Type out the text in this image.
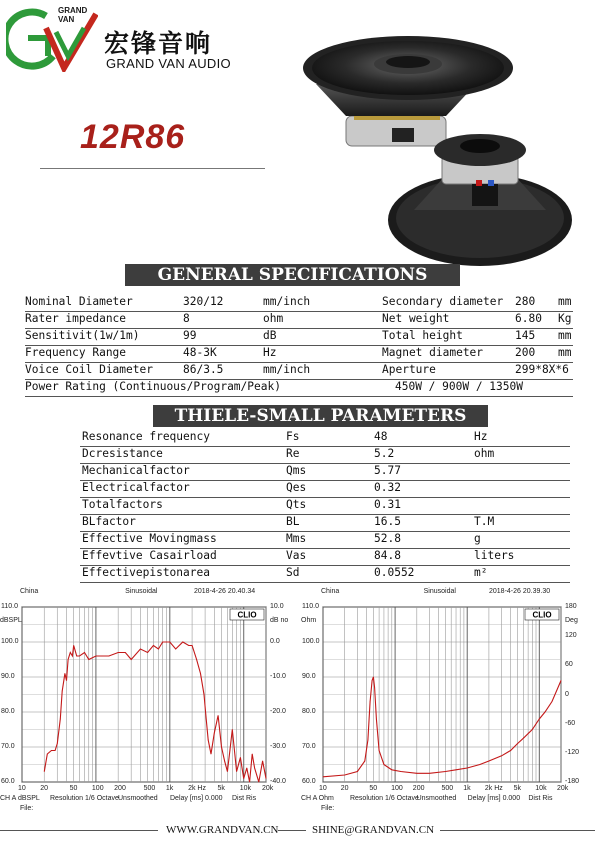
GRAND VAN
宏锋音响
GRAND VAN AUDIO
12R86
GENERAL SPECIFICATIONS
Nominal Diameter	320/12	mm/inch	Secondary diameter 280 mm
Rater impedance	8	ohm	Net weight	6.80 Kg
Sensitivit(1w/1m)	99	dB	Total height	145 mm
Frequency Range	48-3K	Hz	Magnet diameter	200 mm
Voice Coil Diameter	86/3.5	mm/inch	Aperture	299*8X*6
Power Rating (Continuous/Program/Peak)	450W / 900W / 1350W
THIELE-SMALL PARAMETERS
Resonance frequency	Fs	48	Hz
Dcresistance	Re	5.2	ohm
Mechanicalfactor	Qms	5.77
Electricalfactor	Qes	0.32
Totalfactors	Qts	0.31
BLfactor	BL	16.5	T.M
Effective Movingmass	Mms	52.8	g
Effevtive Casairload	Vas	84.8	liters
Effectivepistonarea	Sd	0.0552	m²
CLIO
China	Sinusoidal	2018-4-26 20.40.34
dBSPL	dB no
110.0
100.0
90.0
80.0
70.0
60.0
10.0
0.0
-10.0
-20.0
-30.0
-40.0
10 20	50 100 200	500 1k 2k Hz 5k 10k 20k
CH A dBSPL Resolution 1/6 Octave Unsmoothed Delay [ms] 0.000 Dist Ris
File:
CLIO
China	Sinusoidal	2018-4-26 20.39.30
Ohm	Deg
110.0
100.0
90.0
80.0
70.0
60.0
180
120
60
0
-60
-120
-180
10 20	50 100 200 500 1k 2k Hz 5k 10k 20k
CH A Ohm Resolution 1/6 Octave
Unsmoothed Delay [ms] 0.000 Dist Ris
File:
WWW.GRANDVAN.CN	SHINE@GRANDVAN.CN
